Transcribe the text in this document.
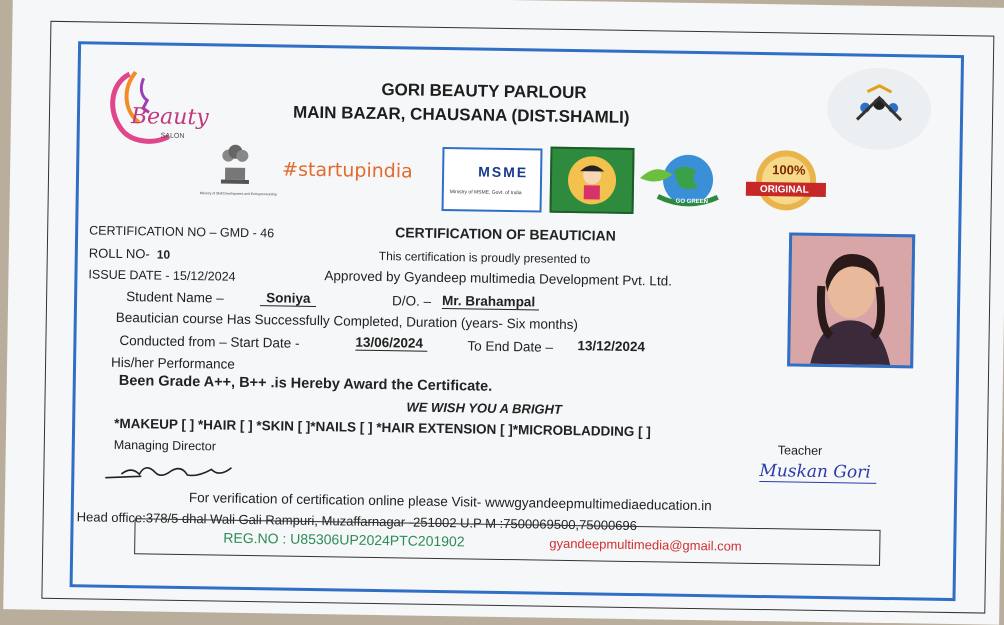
Beauty
SALON
GORI BEAUTY PARLOUR
MAIN BAZAR, CHAUSANA (DIST.SHAMLI)
Ministry of Skill Development and Entrepreneurship
#startupindia	MSME
Ministry of MSME, Govt. of India
GO GREEN
100%
ORIGINAL
CERTIFICATION NO – GMD - 46	CERTIFICATION OF BEAUTICIAN
ROLL NO- 10	This certification is proudly presented to
ISSUE DATE - 15/12/2024	Approved by Gyandeep multimedia Development Pvt. Ltd.
Student Name –	Soniya	D/O. – Mr. Brahampal
Beautician course Has Successfully Completed, Duration (years- Six months)
Conducted from – Start Date -	13/06/2024	To End Date – 13/12/2024
His/her Performance
Been Grade A++, B++ .is Hereby Award the Certificate.
WE WISH YOU A BRIGHT
*MAKEUP [ ] *HAIR [ ] *SKIN [ ]*NAILS [ ] *HAIR EXTENSION [ ]*MICROBLADDING [ ]
Teacher
Muskan Gori
Managing Director
For verification of certification online please Visit- wwwgyandeepmultimediaeducation.in
Head office:378/5 dhal Wali Gali Rampuri, Muzaffarnagar -251002 U.P M :7500069500,75000696
REG.NO : U85306UP2024PTC201902	gyandeepmultimedia@gmail.com
